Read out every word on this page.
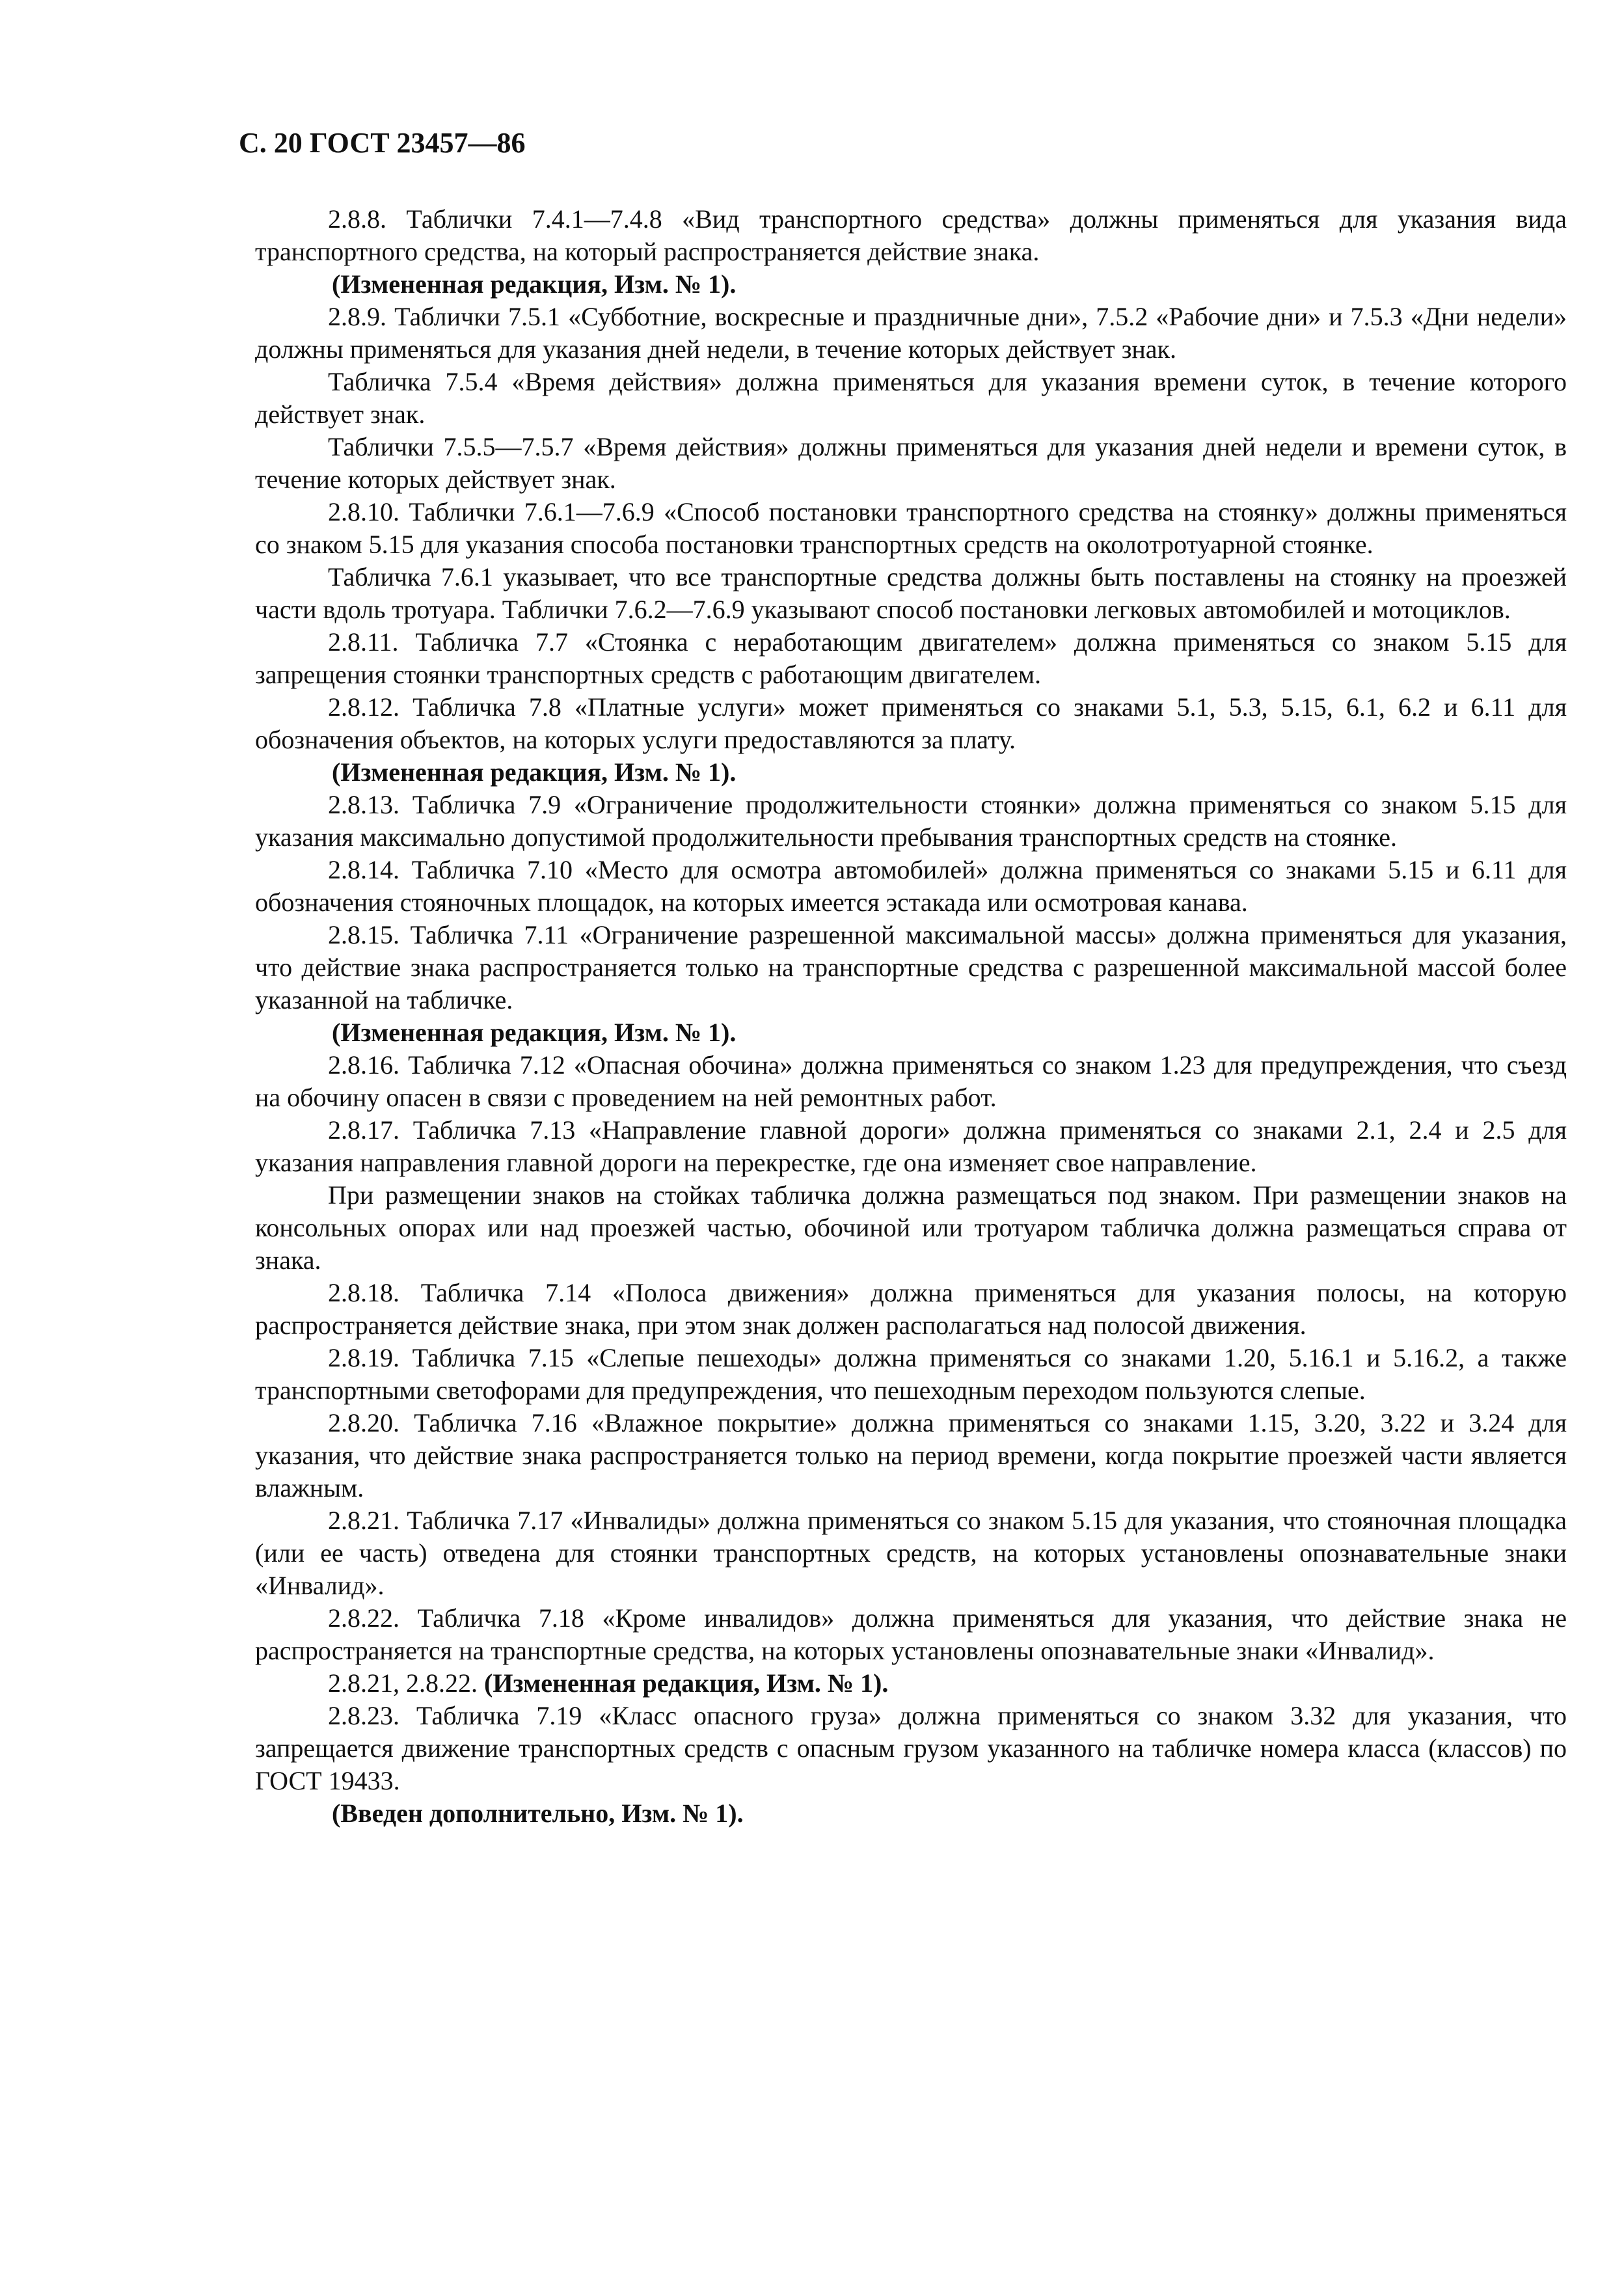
С. 20 ГОСТ 23457—86

2.8.8. Таблички 7.4.1—7.4.8 «Вид транспортного средства» должны применяться для указания вида транспортного средства, на который распространяется действие знака.

(Измененная редакция, Изм. № 1).

2.8.9. Таблички 7.5.1 «Субботние, воскресные и праздничные дни», 7.5.2 «Рабочие дни» и 7.5.3 «Дни недели» должны применяться для указания дней недели, в течение которых действует знак.

Табличка 7.5.4 «Время действия» должна применяться для указания времени суток, в течение которого действует знак.

Таблички 7.5.5—7.5.7 «Время действия» должны применяться для указания дней недели и времени суток, в течение которых действует знак.

2.8.10. Таблички 7.6.1—7.6.9 «Способ постановки транспортного средства на стоянку» должны применяться со знаком 5.15 для указания способа постановки транспортных средств на околотротуарной стоянке.

Табличка 7.6.1 указывает, что все транспортные средства должны быть поставлены на стоянку на проезжей части вдоль тротуара. Таблички 7.6.2—7.6.9 указывают способ постановки легковых автомобилей и мотоциклов.

2.8.11. Табличка 7.7 «Стоянка с неработающим двигателем» должна применяться со знаком 5.15 для запрещения стоянки транспортных средств с работающим двигателем.

2.8.12. Табличка 7.8 «Платные услуги» может применяться со знаками 5.1, 5.3, 5.15, 6.1, 6.2 и 6.11 для обозначения объектов, на которых услуги предоставляются за плату.

(Измененная редакция, Изм. № 1).

2.8.13. Табличка 7.9 «Ограничение продолжительности стоянки» должна применяться со знаком 5.15 для указания максимально допустимой продолжительности пребывания транспортных средств на стоянке.

2.8.14. Табличка 7.10 «Место для осмотра автомобилей» должна применяться со знаками 5.15 и 6.11 для обозначения стояночных площадок, на которых имеется эстакада или осмотровая канава.

2.8.15. Табличка 7.11 «Ограничение разрешенной максимальной массы» должна применяться для указания, что действие знака распространяется только на транспортные средства с разрешенной максимальной массой более указанной на табличке.

(Измененная редакция, Изм. № 1).

2.8.16. Табличка 7.12 «Опасная обочина» должна применяться со знаком 1.23 для предупреждения, что съезд на обочину опасен в связи с проведением на ней ремонтных работ.

2.8.17. Табличка 7.13 «Направление главной дороги» должна применяться со знаками 2.1, 2.4 и 2.5 для указания направления главной дороги на перекрестке, где она изменяет свое направление.

При размещении знаков на стойках табличка должна размещаться под знаком. При размещении знаков на консольных опорах или над проезжей частью, обочиной или тротуаром табличка должна размещаться справа от знака.

2.8.18. Табличка 7.14 «Полоса движения» должна применяться для указания полосы, на которую распространяется действие знака, при этом знак должен располагаться над полосой движения.

2.8.19. Табличка 7.15 «Слепые пешеходы» должна применяться со знаками 1.20, 5.16.1 и 5.16.2, а также транспортными светофорами для предупреждения, что пешеходным переходом пользуются слепые.

2.8.20. Табличка 7.16 «Влажное покрытие» должна применяться со знаками 1.15, 3.20, 3.22 и 3.24 для указания, что действие знака распространяется только на период времени, когда покрытие проезжей части является влажным.

2.8.21. Табличка 7.17 «Инвалиды» должна применяться со знаком 5.15 для указания, что стояночная площадка (или ее часть) отведена для стоянки транспортных средств, на которых установлены опознавательные знаки «Инвалид».

2.8.22. Табличка 7.18 «Кроме инвалидов» должна применяться для указания, что действие знака не распространяется на транспортные средства, на которых установлены опознавательные знаки «Инвалид».

2.8.21, 2.8.22. (Измененная редакция, Изм. № 1).

2.8.23. Табличка 7.19 «Класс опасного груза» должна применяться со знаком 3.32 для указания, что запрещается движение транспортных средств с опасным грузом указанного на табличке номера класса (классов) по ГОСТ 19433.

(Введен дополнительно, Изм. № 1).
